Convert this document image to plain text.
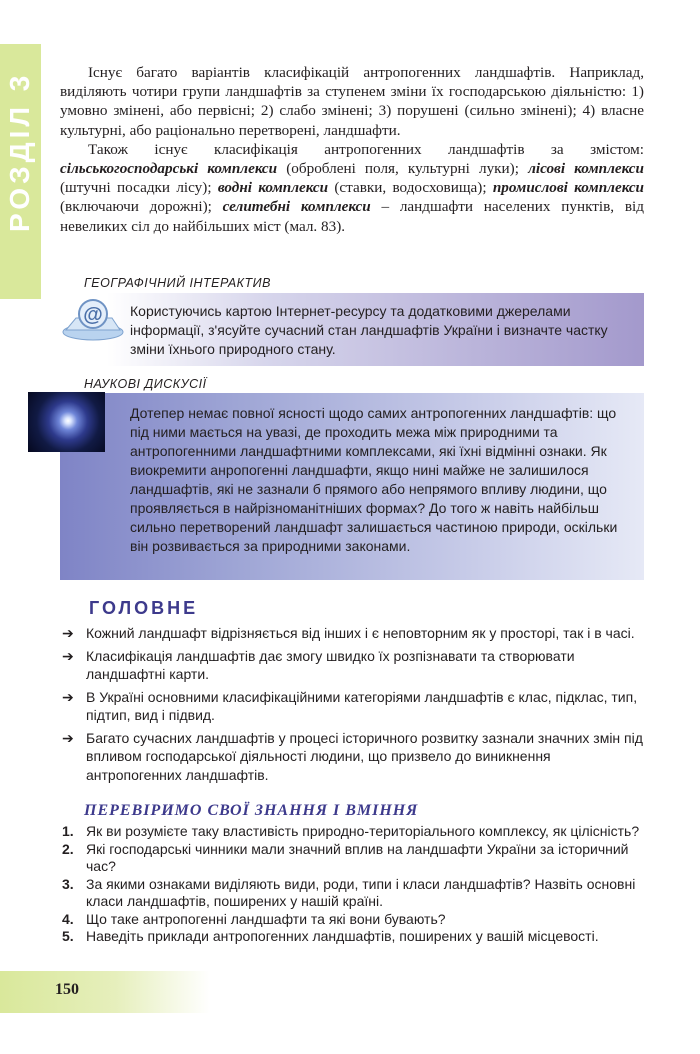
РОЗДІЛ 3	Існує багато варіантів класифікацій антропогенних ландшафтів. Наприклад, виділяють чотири групи ландшафтів за ступенем зміни їх господарською діяльністю: 1) умовно змінені, або первісні; 2) слабо змінені; 3) порушені (сильно змінені); 4) власне культурні, або раціонально перетворені, ландшафти.

Також існує класифікація антропогенних ландшафтів за змістом: сільськогосподарські комплекси (оброблені поля, культурні луки); лісові комплекси (штучні посадки лісу); водні комплекси (ставки, водосховища); промислові комплекси (включаючи дорожні); селитебні комплекси – ландшафти населених пунктів, від невеликих сіл до найбільших міст (мал. 83).

ГЕОГРАФІЧНИЙ ІНТЕРАКТИВ
Користуючись картою Інтернет-ресурсу та додатковими джерелами інформації, з'ясуйте сучасний стан ландшафтів України і визначте частку зміни їхнього природного стану.
@
НАУКОВІ ДИСКУСІЇ
Дотепер немає повної ясності щодо самих антропогенних ландшафтів: що під ними мається на увазі, де проходить межа між природними та антропогенними ландшафтними комплексами, які їхні відмінні ознаки. Як виокремити анропогенні ландшафти, якщо нині майже не залишилося ландшафтів, які не зазнали б прямого або непрямого впливу людини, що проявляється в найрізноманітніших формах? До того ж навіть найбільш сильно перетворений ландшафт залишається частиною природи, оскільки він розвивається за природними законами.
ГОЛОВНЕ
➔ Кожний ландшафт відрізняється від інших і є неповторним як у просторі, так і в часі.
➔ Класифікація ландшафтів дає змогу швидко їх розпізнавати та створювати ландшафтні карти.
➔ В Україні основними класифікаційними категоріями ландшафтів є клас, підклас, тип, підтип, вид і підвид.
➔ Багато сучасних ландшафтів у процесі історичного розвитку зазнали значних змін під впливом господарської діяльності людини, що призвело до виникнення антропогенних ландшафтів.
ПЕРЕВІРИМО СВОЇ ЗНАННЯ І ВМІННЯ
1. Як ви розумієте таку властивість природно-територіального комплексу, як цілісність?
2. Які господарські чинники мали значний вплив на ландшафти України за історичний час?
3. За якими ознаками виділяють види, роди, типи і класи ландшафтів? Назвіть основні класи ландшафтів, поширених у нашій країні.
4. Що таке антропогенні ландшафти та які вони бувають?
5. Наведіть приклади антропогенних ландшафтів, поширених у вашій місцевості.
150
